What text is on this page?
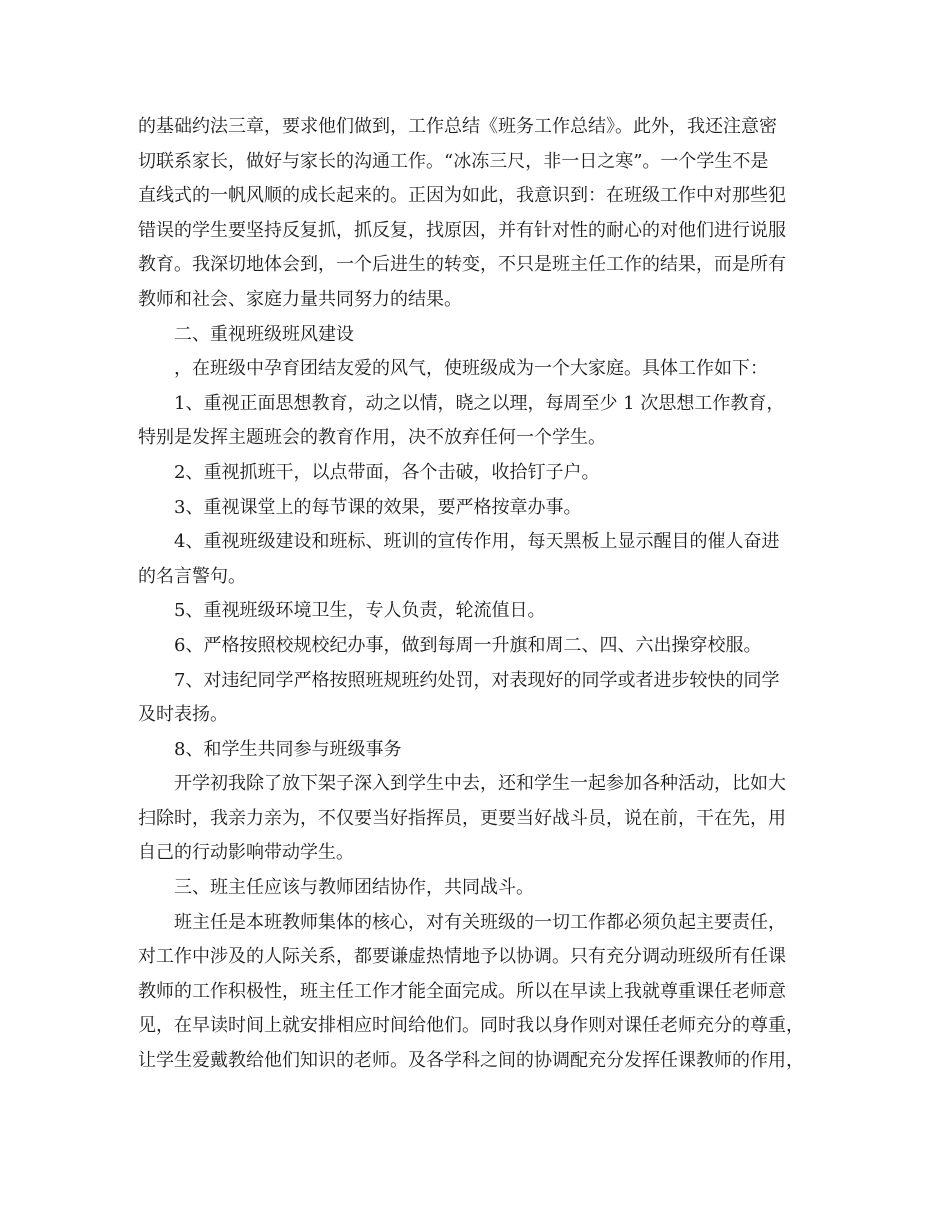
的基础约法三章，要求他们做到，工作总结《班务工作总结》。此外，我还注意密
切联系家长，做好与家长的沟通工作。“冰冻三尺，非一日之寒”。一个学生不是
直线式的一帆风顺的成长起来的。正因为如此，我意识到：在班级工作中对那些犯
错误的学生要坚持反复抓，抓反复，找原因，并有针对性的耐心的对他们进行说服
教育。我深切地体会到，一个后进生的转变，不只是班主任工作的结果，而是所有
教师和社会、家庭力量共同努力的结果。
二、重视班级班风建设
，在班级中孕育团结友爱的风气，使班级成为一个大家庭。具体工作如下：
1、重视正面思想教育，动之以情，晓之以理，每周至少 1 次思想工作教育，
特别是发挥主题班会的教育作用，决不放弃任何一个学生。
2、重视抓班干，以点带面，各个击破，收拾钉子户。
3、重视课堂上的每节课的效果，要严格按章办事。
4、重视班级建设和班标、班训的宣传作用，每天黑板上显示醒目的催人奋进
的名言警句。
5、重视班级环境卫生，专人负责，轮流值日。
6、严格按照校规校纪办事，做到每周一升旗和周二、四、六出操穿校服。
7、对违纪同学严格按照班规班约处罚，对表现好的同学或者进步较快的同学
及时表扬。
8、和学生共同参与班级事务
开学初我除了放下架子深入到学生中去，还和学生一起参加各种活动，比如大
扫除时，我亲力亲为，不仅要当好指挥员，更要当好战斗员，说在前，干在先，用
自己的行动影响带动学生。
三、班主任应该与教师团结协作，共同战斗。
班主任是本班教师集体的核心，对有关班级的一切工作都必须负起主要责任，
对工作中涉及的人际关系，都要谦虚热情地予以协调。只有充分调动班级所有任课
教师的工作积极性，班主任工作才能全面完成。所以在早读上我就尊重课任老师意
见，在早读时间上就安排相应时间给他们。同时我以身作则对课任老师充分的尊重，
让学生爱戴教给他们知识的老师。及各学科之间的协调配充分发挥任课教师的作用，
